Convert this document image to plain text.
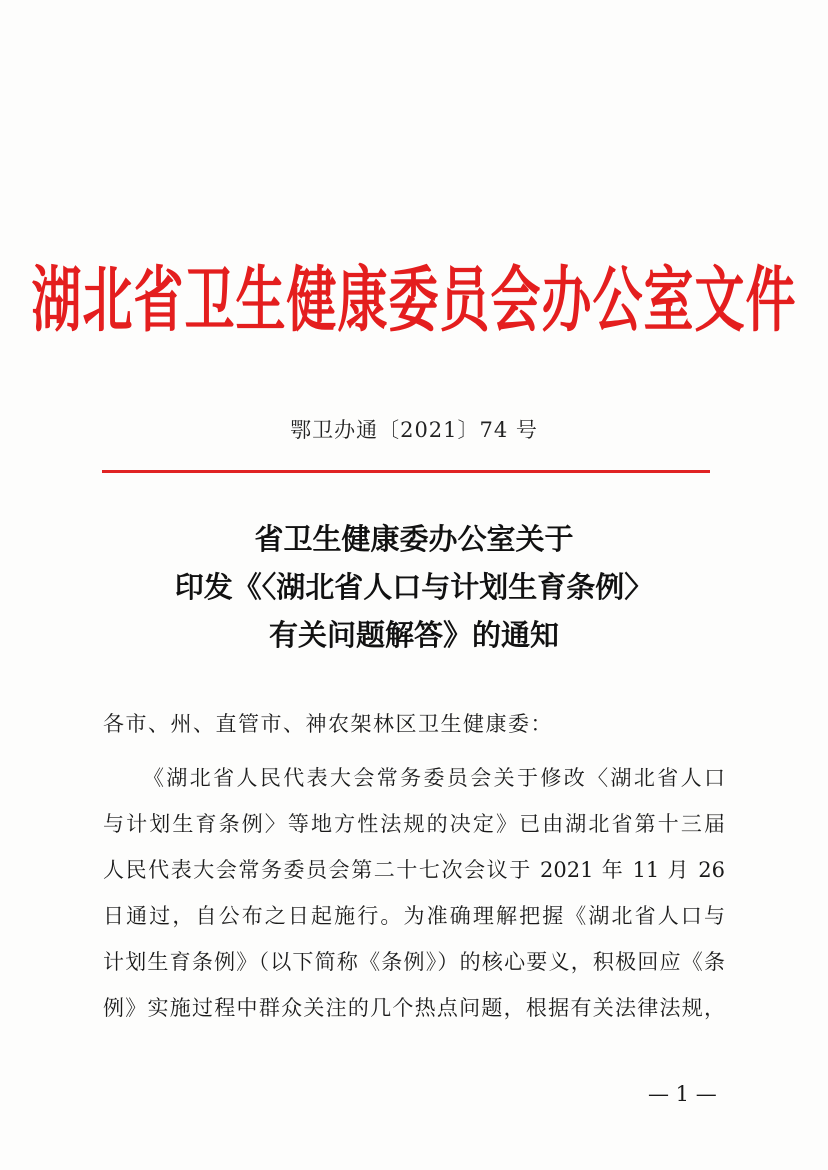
湖北省卫生健康委员会办公室文件
鄂卫办通〔2021〕74 号
省卫生健康委办公室关于
印发《〈湖北省人口与计划生育条例〉
有关问题解答》的通知
各市、州、直管市、神农架林区卫生健康委：
《湖北省人民代表大会常务委员会关于修改〈湖北省人口
与计划生育条例〉等地方性法规的决定》已由湖北省第十三届
人民代表大会常务委员会第二十七次会议于 2021 年 11 月 26
日通过，自公布之日起施行。为准确理解把握《湖北省人口与
计划生育条例》（以下简称《条例》）的核心要义，积极回应《条
例》实施过程中群众关注的几个热点问题，根据有关法律法规，
— 1 —
